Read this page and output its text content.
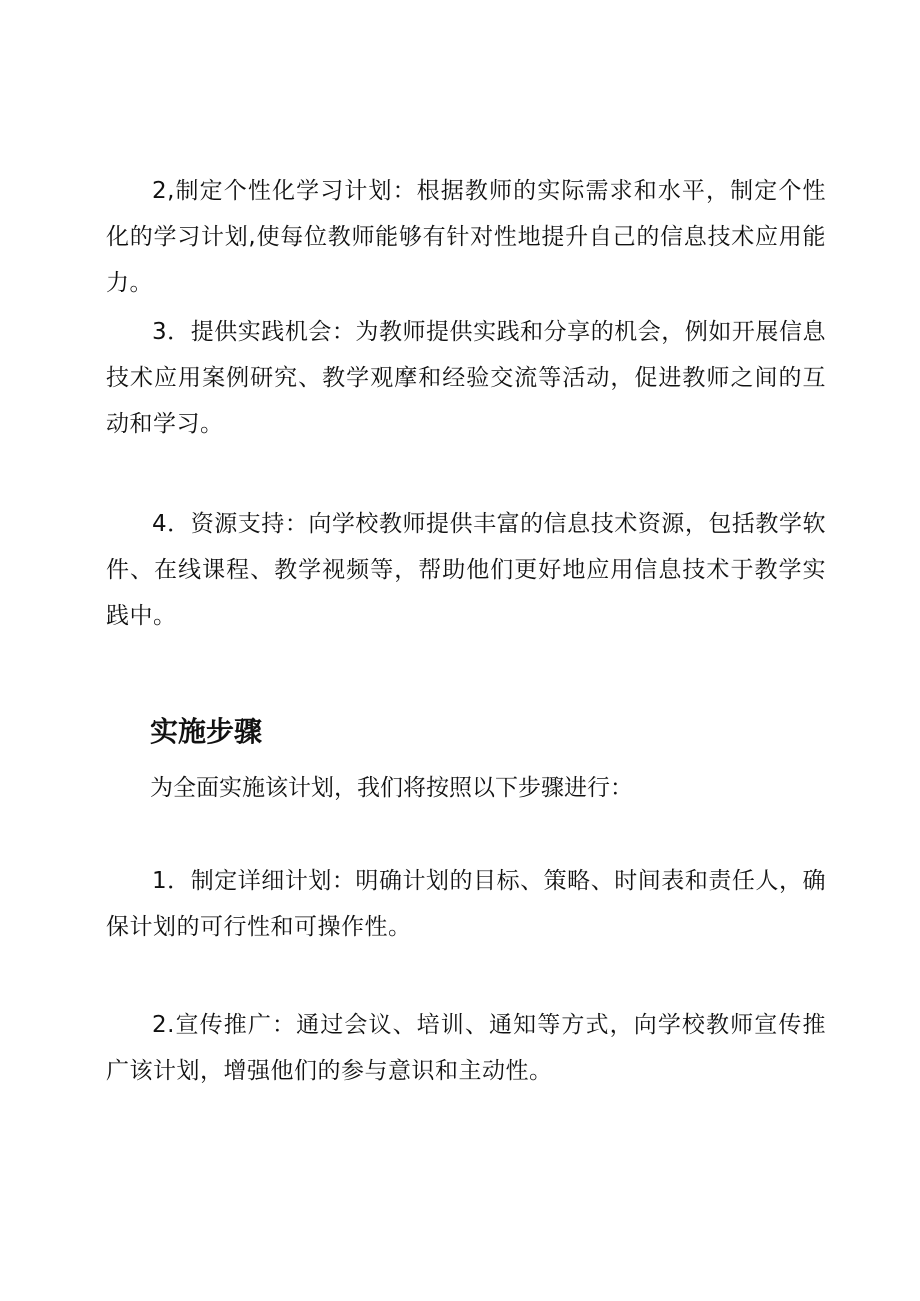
2,制定个性化学习计划：根据教师的实际需求和水平，制定个性化的学习计划,使每位教师能够有针对性地提升自己的信息技术应用能力。

3．提供实践机会：为教师提供实践和分享的机会，例如开展信息技术应用案例研究、教学观摩和经验交流等活动，促进教师之间的互动和学习。

4．资源支持：向学校教师提供丰富的信息技术资源，包括教学软件、在线课程、教学视频等，帮助他们更好地应用信息技术于教学实践中。

实施步骤

为全面实施该计划，我们将按照以下步骤进行：

1．制定详细计划：明确计划的目标、策略、时间表和责任人，确保计划的可行性和可操作性。

2.宣传推广：通过会议、培训、通知等方式，向学校教师宣传推广该计划，增强他们的参与意识和主动性。
